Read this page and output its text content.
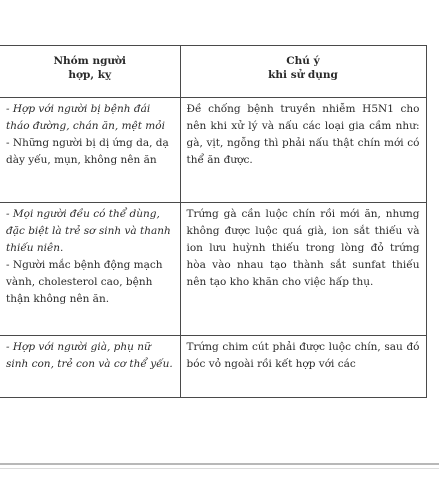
Nhóm người
hợp, kỵ	Chú ý
khi sử dụng

- Hợp với người bị bệnh đái tháo đường, chán ăn, mệt mỏi
- Những người bị dị ứng da, dạ dày yếu, mụn, không nên ăn	Đề chống bệnh truyền nhiễm H5N1 cho nên khi xử lý và nấu các loại gia cầm như: gà, vịt, ngỗng thì phải nấu thật chín mới có thể ăn được.

- Mọi người đều có thể dùng, đặc biệt là trẻ sơ sinh và thanh thiếu niên.
- Người mắc bệnh động mạch vành, cholesterol cao, bệnh thận không nên ăn.	Trứng gà cần luộc chín rồi mới ăn, nhưng không được luộc quá già, ion sắt thiếu và ion lưu huỳnh thiếu trong lòng đỏ trứng hòa vào nhau tạo thành sắt sunfat thiếu nên tạo kho khăn cho việc hấp thụ.

- Hợp với người già, phụ nữ sinh con, trẻ con và cơ thể yếu.	Trứng chim cút phải được luộc chín, sau đó bóc vỏ ngoài rồi kết hợp với các
